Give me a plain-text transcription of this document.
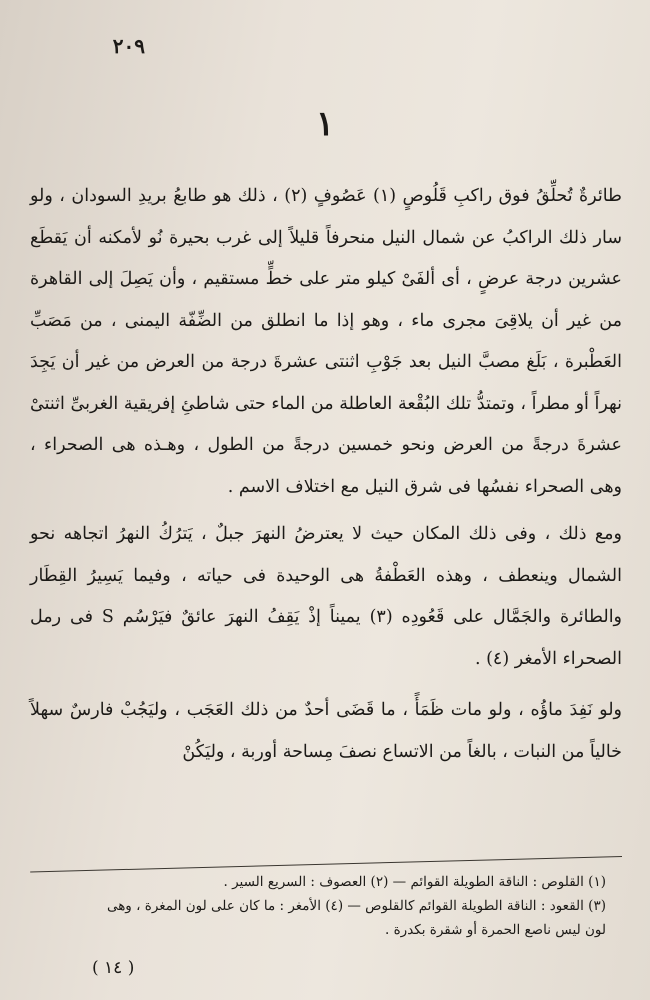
٢٠٩
١

طائرةٌ تُحلِّقُ فوق راكبِ قَلُوصٍ (١) عَصُوفٍ (٢) ، ذلك هو طابعُ بريدِ السودان ، ولو سار ذلك الراكبُ عن شمال النيل منحرفاً قليلاً إلى غرب بحيرة نُو لأمكنه أن يَقطَع عشرين درجة عرضٍ ، أى ألفَىْ كيلو متر على خطٍّ مستقيم ، وأن يَصِلَ إلى القاهرة من غير أن يلاقِىَ مجرى ماء ، وهو إذا ما انطلق من الضِّفّة اليمنى ، من مَصَبِّ العَطْبرة ، بَلَغ مصبَّ النيل بعد جَوْبِ اثنتى عشرةَ درجة من العرض من غير أن يَجِدَ نهراً أو مطراً ، وتمتدُّ تلك البُقْعة العاطلة من الماء حتى شاطئِ إفريقية الغربىِّ اثنتىْ عشرةَ درجةً من العرض ونحو خمسين درجةً من الطول ، وهـذه هى الصحراء ، وهى الصحراء نفسُها فى شرق النيل مع اختلاف الاسم .

ومع ذلك ، وفى ذلك المكان حيث لا يعترضُ النهرَ جبلٌ ، يَترُكُ النهرُ اتجاهه نحو الشمال وينعطف ، وهذه العَطْفةُ هى الوحيدة فى حياته ، وفيما يَسِيرُ القِطَار والطائرة والجَمَّال على قَعُودِه (٣) يميناً إذْ يَقِفُ النهرَ عائقٌ فيَرْسُم S فى رمل الصحراء الأمغر (٤) .

ولو نَفِدَ ماؤُه ، ولو مات ظَمَأً ، ما قَضَى أحدٌ من ذلك العَجَب ، وليَجُبْ فارسٌ سهلاً خالياً من النبات ، بالغاً من الاتساع نصفَ مِساحة أوربة ، وليَكُنْ

(١) القلوص : الناقة الطويلة القوائم — (٢) العصوف : السريع السير .
(٣) القعود : الناقة الطويلة القوائم كالقلوص — (٤) الأمغر : ما كان على لون المغرة ، وهى
لون ليس ناصع الحمرة أو شقرة بكدرة .
( ١٤ )
